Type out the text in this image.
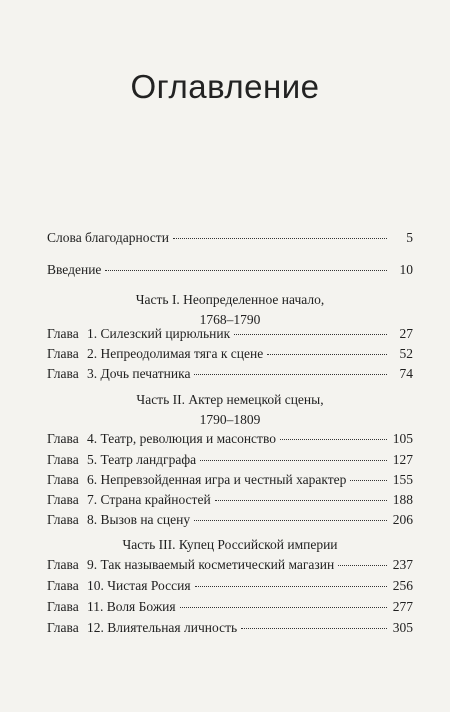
Оглавление
Слова благодарности	5
Введение	10
Часть I. Неопределенное начало,
1768–1790
Глава 1. Силезский цирюльник	27
Глава 2. Непреодолимая тяга к сцене	52
Глава 3. Дочь печатника	74
Часть II. Актер немецкой сцены,
1790–1809
Глава 4. Театр, революция и масонство	105
Глава 5. Театр ландграфа	127
Глава 6. Непревзойденная игра и честный характер	155
Глава 7. Страна крайностей	188
Глава 8. Вызов на сцену	206
Часть III. Купец Российской империи
Глава 9. Так называемый косметический магазин	237
Глава 10. Чистая Россия	256
Глава 11. Воля Божия	277
Глава 12. Влиятельная личность	305
